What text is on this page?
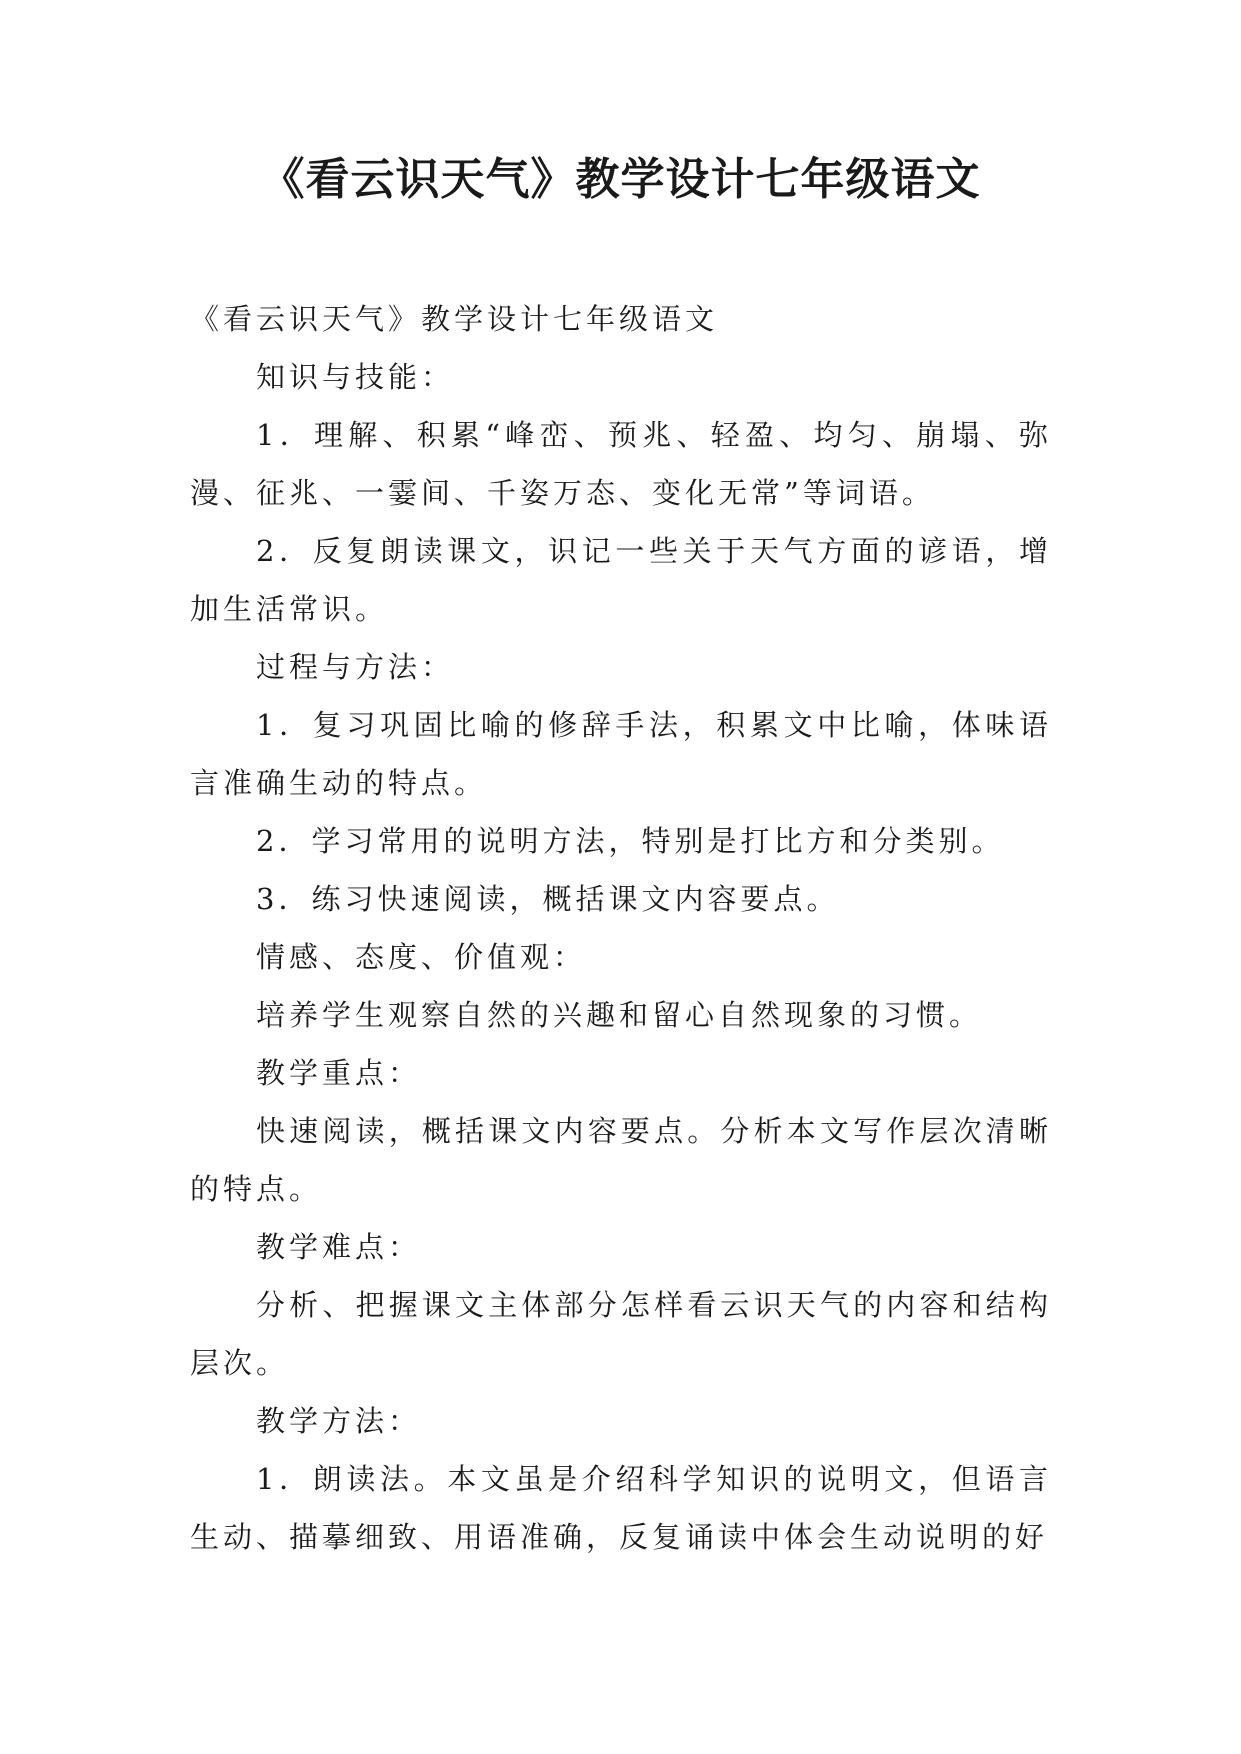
《看云识天气》教学设计七年级语文

《看云识天气》教学设计七年级语文

知识与技能：

1．理解、积累“峰峦、预兆、轻盈、均匀、崩塌、弥漫、征兆、一霎间、千姿万态、变化无常”等词语。

2．反复朗读课文，识记一些关于天气方面的谚语，增加生活常识。

过程与方法：

1．复习巩固比喻的修辞手法，积累文中比喻，体味语言准确生动的特点。

2．学习常用的说明方法，特别是打比方和分类别。

3．练习快速阅读，概括课文内容要点。

情感、态度、价值观：

培养学生观察自然的兴趣和留心自然现象的习惯。

教学重点：

快速阅读，概括课文内容要点。分析本文写作层次清晰的特点。

教学难点：

分析、把握课文主体部分怎样看云识天气的内容和结构层次。

教学方法：

1．朗读法。本文虽是介绍科学知识的说明文，但语言生动、描摹细致、用语准确，反复诵读中体会生动说明的好
